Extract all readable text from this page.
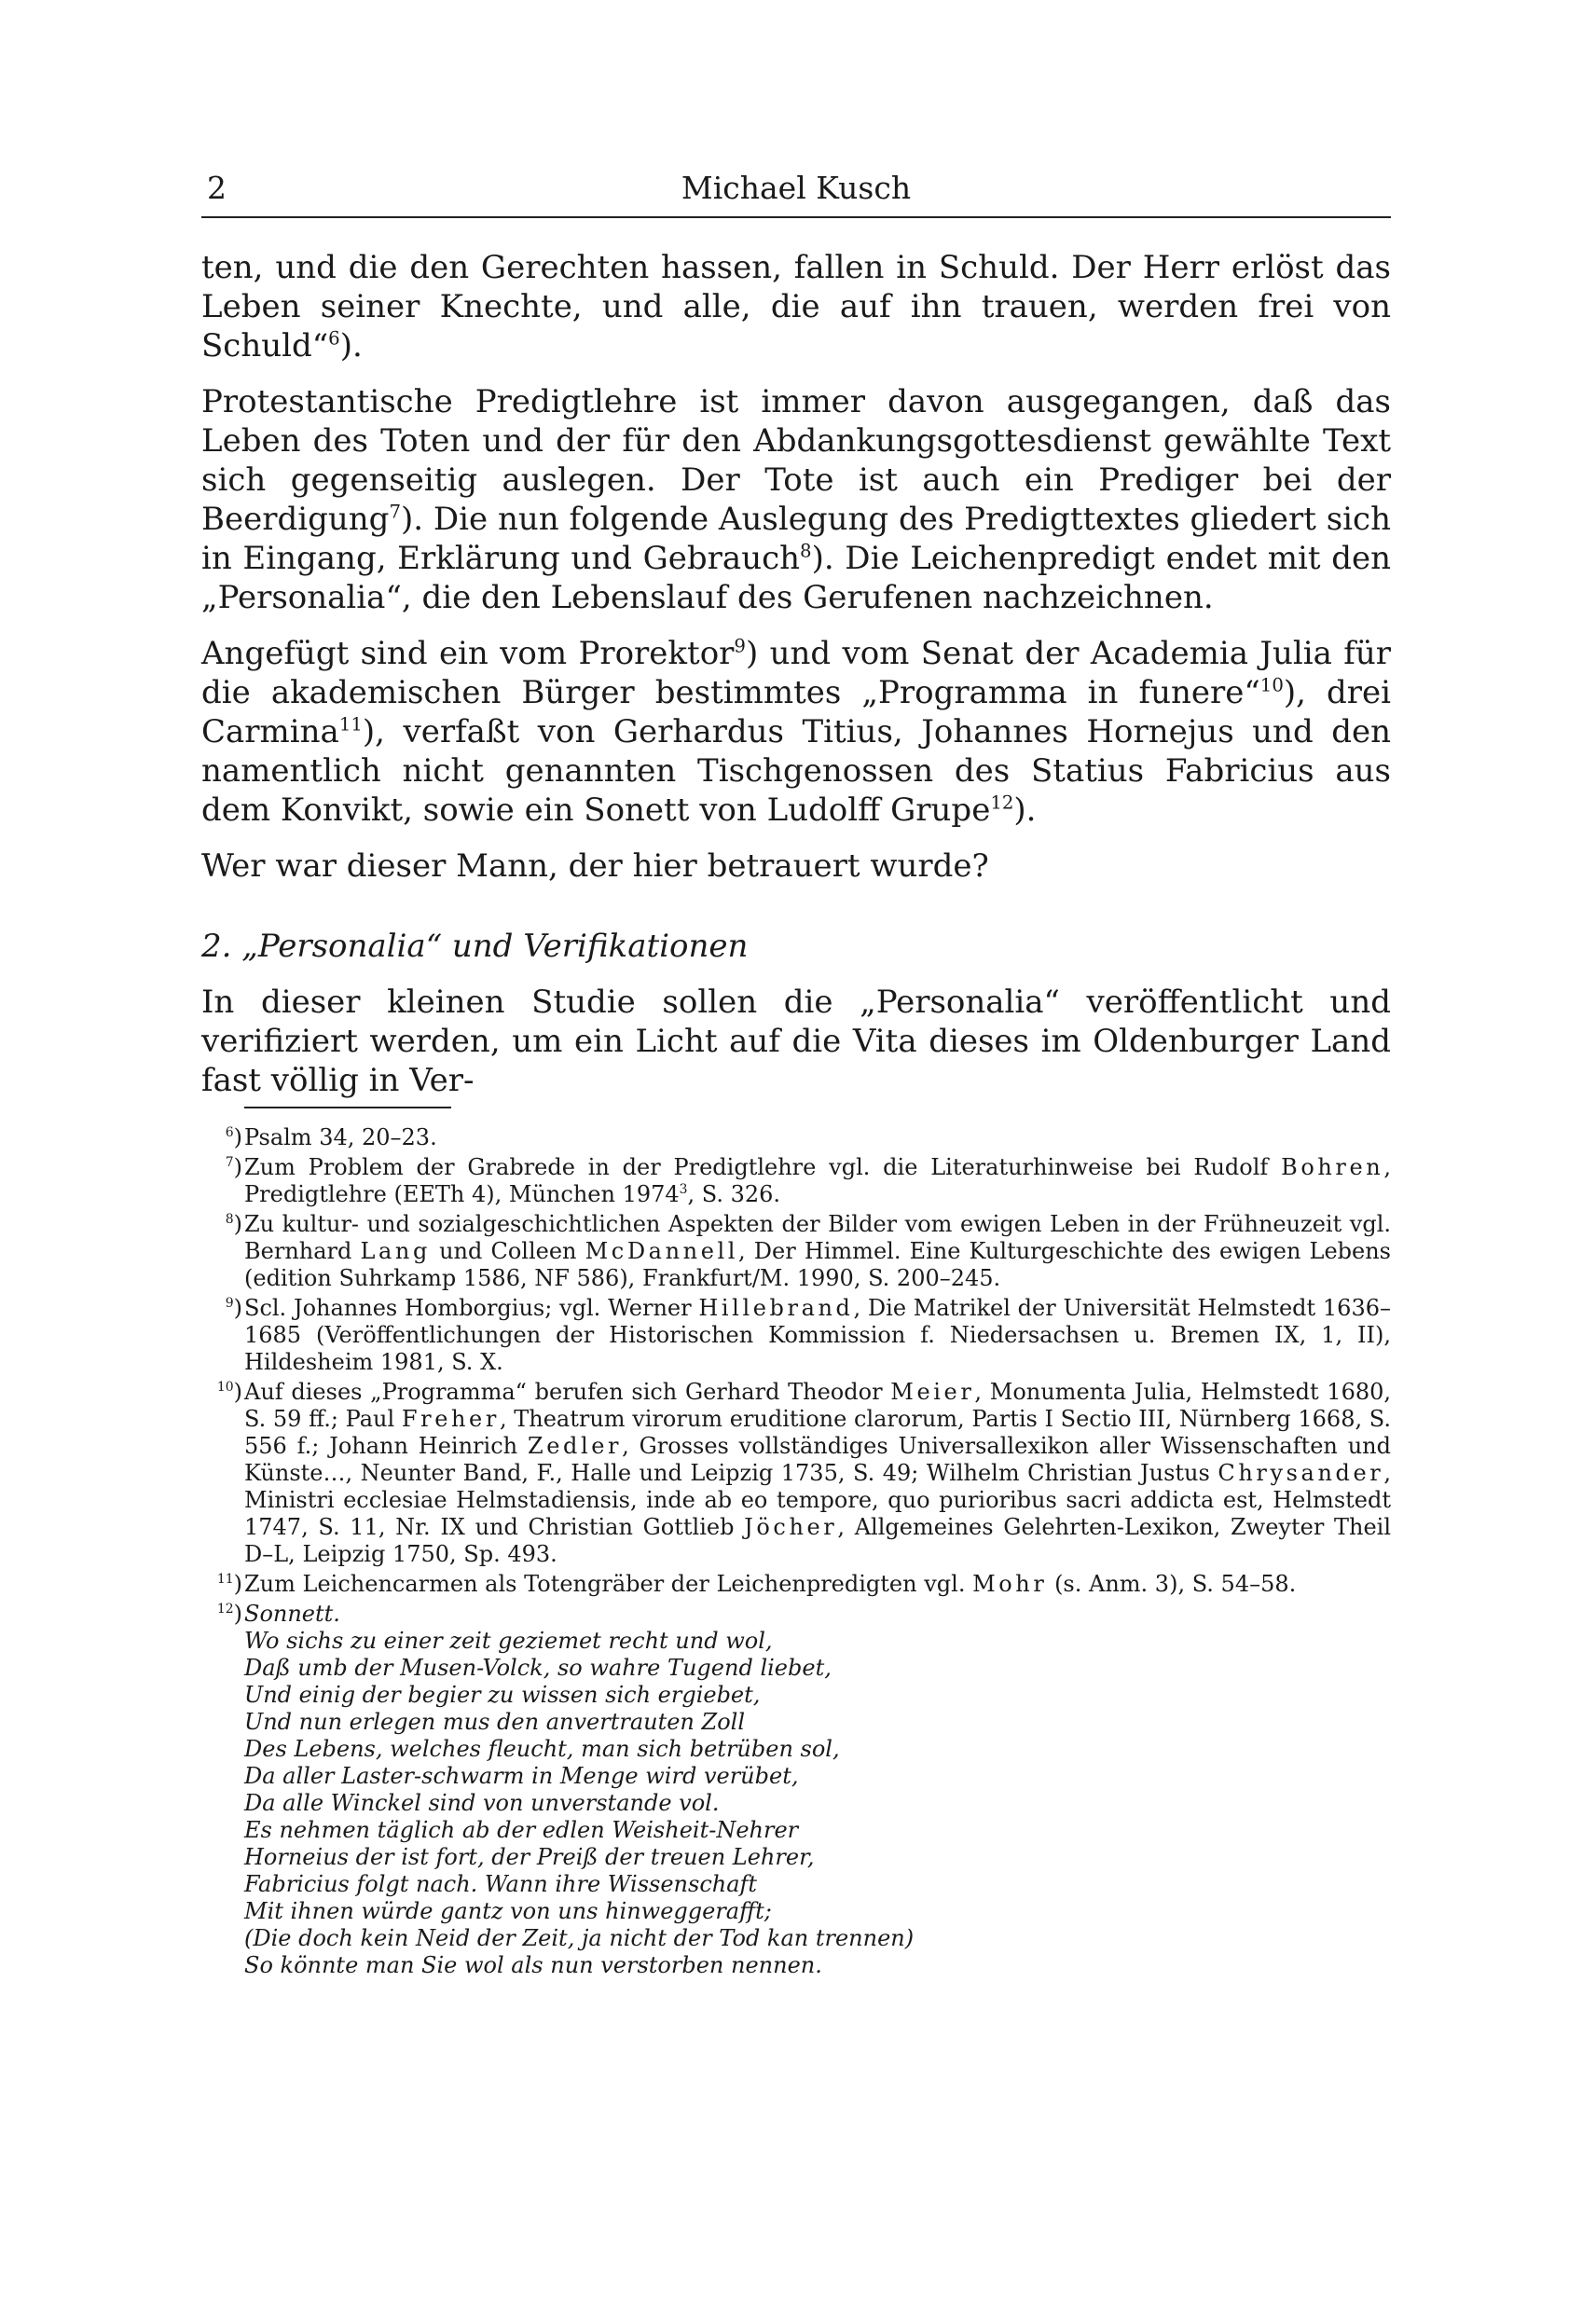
2	Michael Kusch

ten, und die den Gerechten hassen, fallen in Schuld. Der Herr erlöst das Leben seiner Knechte, und alle, die auf ihn trauen, werden frei von Schuld“$^6$).

Protestantische Predigtlehre ist immer davon ausgegangen, daß das Leben des Toten und der für den Abdankungsgottesdienst gewählte Text sich gegenseitig auslegen. Der Tote ist auch ein Prediger bei der Beerdigung$^7$). Die nun folgende Auslegung des Predigttextes gliedert sich in Eingang, Erklärung und Gebrauch$^8$). Die Leichenpredigt endet mit den „Personalia“, die den Lebenslauf des Gerufenen nachzeichnen.

Angefügt sind ein vom Prorektor$^9$) und vom Senat der Academia Julia für die akademischen Bürger bestimmtes „Programma in funere“$^{10}$), drei Carmina$^{11}$), verfaßt von Gerhardus Titius, Johannes Hornejus und den namentlich nicht genannten Tischgenossen des Statius Fabricius aus dem Konvikt, sowie ein Sonett von Ludolff Grupe$^{12}$).

Wer war dieser Mann, der hier betrauert wurde?

2. „Personalia“ und Verifikationen

In dieser kleinen Studie sollen die „Personalia“ veröffentlicht und verifiziert werden, um ein Licht auf die Vita dieses im Oldenburger Land fast völlig in Ver-

$^6$) Psalm 34, 20–23.
$^7$) Zum Problem der Grabrede in der Predigtlehre vgl. die Literaturhinweise bei Rudolf Bohren, Predigtlehre (EETh 4), München 1974$^3$, S. 326.
$^8$) Zu kultur- und sozialgeschichtlichen Aspekten der Bilder vom ewigen Leben in der Frühneuzeit vgl. Bernhard Lang und Colleen McDannell, Der Himmel. Eine Kulturgeschichte des ewigen Lebens (edition Suhrkamp 1586, NF 586), Frankfurt/M. 1990, S. 200–245.
$^9$) Scl. Johannes Homborgius; vgl. Werner Hillebrand, Die Matrikel der Universität Helmstedt 1636–1685 (Veröffentlichungen der Historischen Kommission f. Niedersachsen u. Bremen IX, 1, II), Hildesheim 1981, S. X.
$^{10}$) Auf dieses „Programma“ berufen sich Gerhard Theodor Meier, Monumenta Julia, Helmstedt 1680, S. 59 ff.; Paul Freher, Theatrum virorum eruditione clarorum, Partis I Sectio III, Nürnberg 1668, S. 556 f.; Johann Heinrich Zedler, Grosses vollständiges Universallexikon aller Wissenschaften und Künste…, Neunter Band, F., Halle und Leipzig 1735, S. 49; Wilhelm Christian Justus Chrysander, Ministri ecclesiae Helmstadiensis, inde ab eo tempore, quo purioribus sacri addicta est, Helmstedt 1747, S. 11, Nr. IX und Christian Gottlieb Jöcher, Allgemeines Gelehrten-Lexikon, Zweyter Theil D–L, Leipzig 1750, Sp. 493.
$^{11}$) Zum Leichencarmen als Totengräber der Leichenpredigten vgl. Mohr (s. Anm. 3), S. 54–58.
$^{12}$) Sonnett.
Wo sichs zu einer zeit geziemet recht und wol,
Daß umb der Musen-Volck, so wahre Tugend liebet,
Und einig der begier zu wissen sich ergiebet,
Und nun erlegen mus den anvertrauten Zoll
Des Lebens, welches fleucht, man sich betrüben sol,
Da aller Laster-schwarm in Menge wird verübet,
Da alle Winckel sind von unverstande vol.
Es nehmen täglich ab der edlen Weisheit-Nehrer
Horneius der ist fort, der Preiß der treuen Lehrer,
Fabricius folgt nach. Wann ihre Wissenschaft
Mit ihnen würde gantz von uns hinweggerafft;
(Die doch kein Neid der Zeit, ja nicht der Tod kan trennen)
So könnte man Sie wol als nun verstorben nennen.
